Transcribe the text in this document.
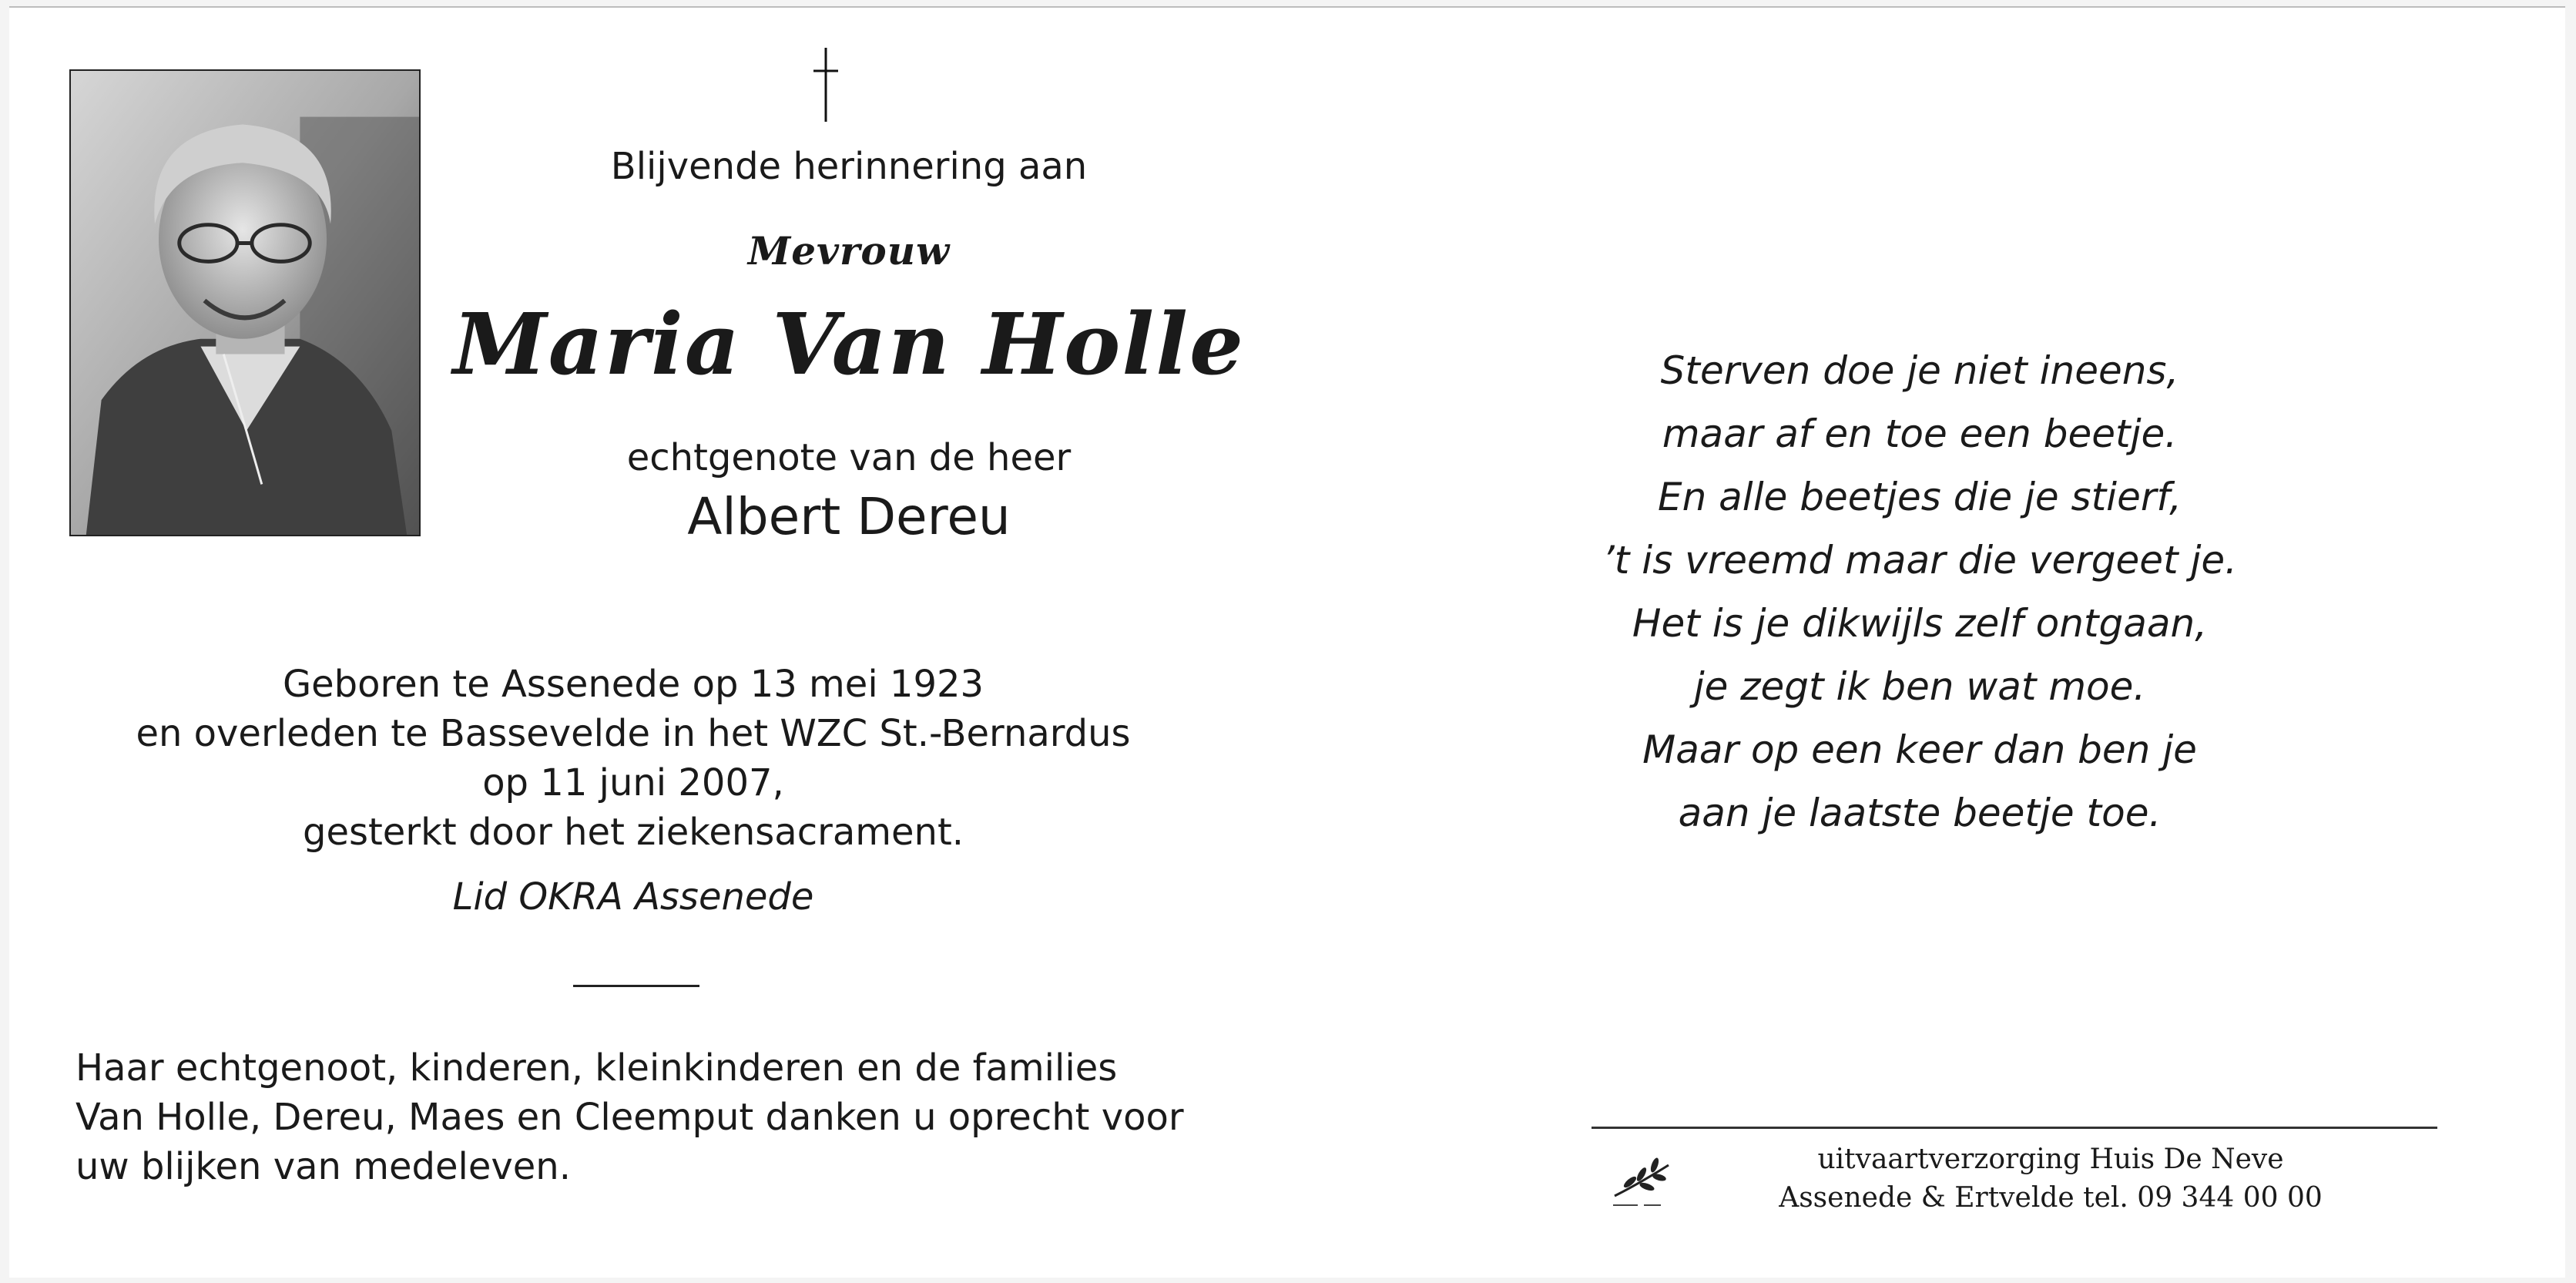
Blijvende herinnering aan
Mevrouw
Maria Van Holle
echtgenote van de heer
Albert Dereu
Geboren te Assenede op 13 mei 1923
en overleden te Bassevelde in het WZC St.-Bernardus
op 11 juni 2007,
gesterkt door het ziekensacrament.
Lid OKRA Assenede
Haar echtgenoot, kinderen, kleinkinderen en de families
Van Holle, Dereu, Maes en Cleemput danken u oprecht voor
uw blijken van medeleven.
Sterven doe je niet ineens,
maar af en toe een beetje.
En alle beetjes die je stierf,
’t is vreemd maar die vergeet je.
Het is je dikwijls zelf ontgaan,
je zegt ik ben wat moe.
Maar op een keer dan ben je
aan je laatste beetje toe.
uitvaartverzorging Huis De Neve
Assenede & Ertvelde tel. 09 344 00 00
